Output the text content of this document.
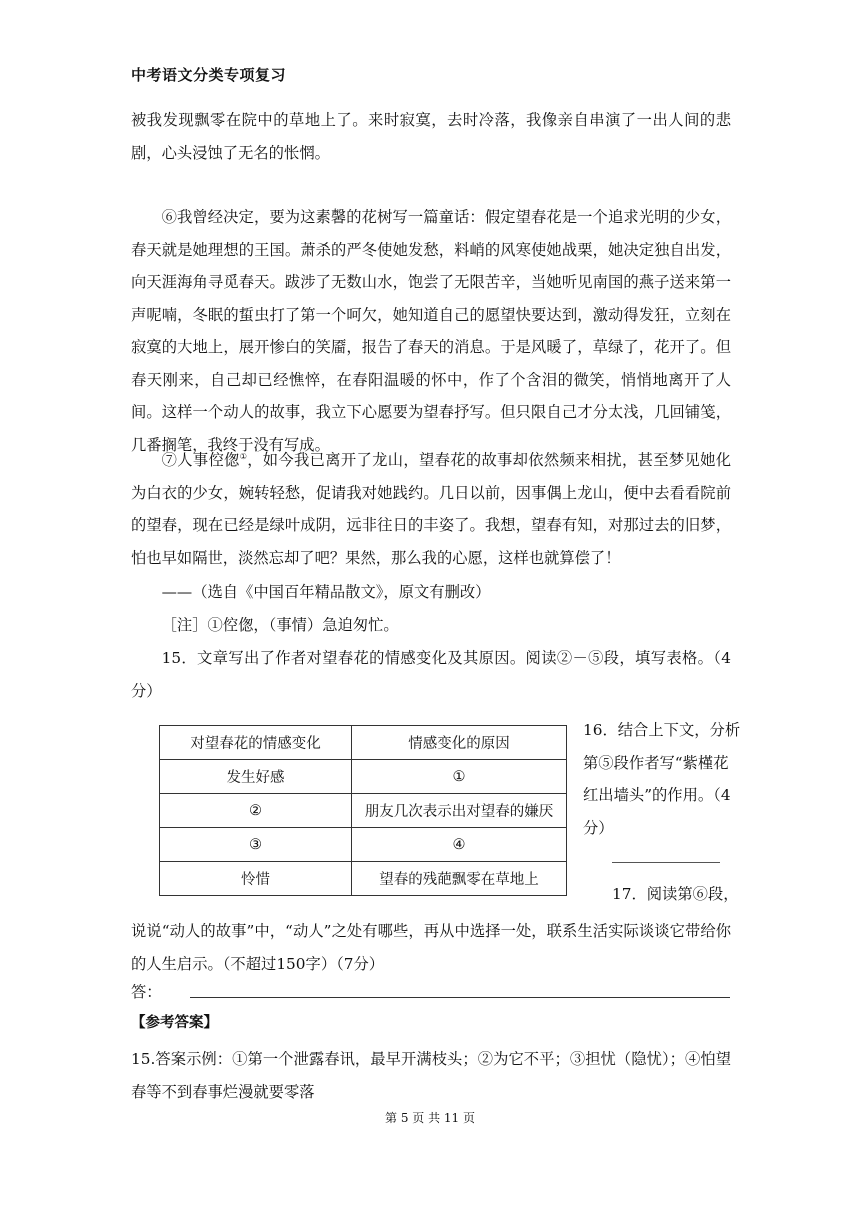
中考语文分类专项复习

被我发现飘零在院中的草地上了。来时寂寞，去时冷落，我像亲自串演了一出人间的悲剧，心头浸蚀了无名的怅惘。

⑥我曾经决定，要为这素馨的花树写一篇童话：假定望春花是一个追求光明的少女，春天就是她理想的王国。萧杀的严冬使她发愁，料峭的风寒使她战栗，她决定独自出发，向天涯海角寻觅春天。跋涉了无数山水，饱尝了无限苦辛，当她听见南国的燕子送来第一声呢喃，冬眠的蜇虫打了第一个呵欠，她知道自己的愿望快要达到，激动得发狂，立刻在寂寞的大地上，展开惨白的笑靥，报告了春天的消息。于是风暖了，草绿了，花开了。但春天刚来，自己却已经憔悴，在春阳温暖的怀中，作了个含泪的微笑，悄悄地离开了人间。这样一个动人的故事，我立下心愿要为望春抒写。但只限自己才分太浅，几回铺笺，几番搁笔，我终于没有写成。

⑦人事倥偬①，如今我已离开了龙山，望春花的故事却依然频来相扰，甚至梦见她化为白衣的少女，婉转轻愁，促请我对她践约。几日以前，因事偶上龙山，便中去看看院前的望春，现在已经是绿叶成阴，远非往日的丰姿了。我想，望春有知，对那过去的旧梦，怕也早如隔世，淡然忘却了吧？果然，那么我的心愿，这样也就算偿了！

——（选自《中国百年精品散文》，原文有删改）

［注］①倥偬，（事情）急迫匆忙。

15．文章写出了作者对望春花的情感变化及其原因。阅读②－⑤段，填写表格。（4分）

对望春花的情感变化	情感变化的原因
发生好感	①
②	朋友几次表示出对望春的嫌厌
③	④
怜惜	望春的残葩飘零在草地上

16．结合上下文，分析第⑤段作者写“紫槿花红出墙头”的作用。（4分）

17．阅读第⑥段，

说说“动人的故事”中，“动人”之处有哪些，再从中选择一处，联系生活实际谈谈它带给你的人生启示。（不超过150字）（7分）

答：
【参考答案】

15.答案示例：①第一个泄露春讯，最早开满枝头；②为它不平；③担忧（隐忧）；④怕望春等不到春事烂漫就要零落

第 5 页 共 11 页
